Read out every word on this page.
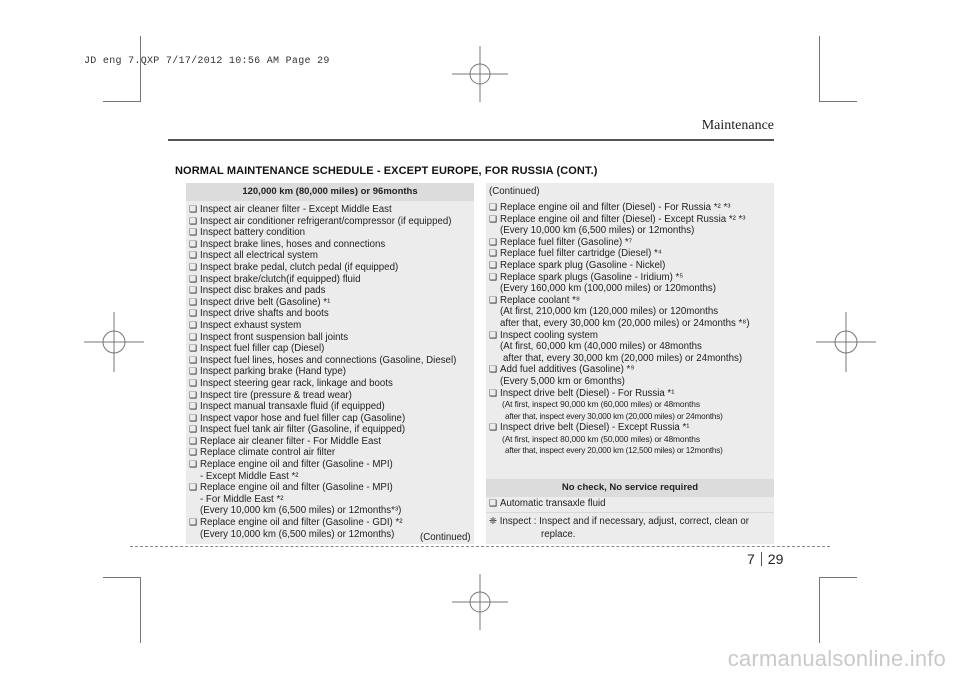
JD eng 7.QXP 7/17/2012 10:56 AM Page 29
Maintenance
NORMAL MAINTENANCE SCHEDULE - EXCEPT EUROPE, FOR RUSSIA (CONT.)
120,000 km (80,000 miles) or 96months
❑ Inspect air cleaner filter - Except Middle East
❑ Inspect air conditioner refrigerant/compressor (if equipped)
❑ Inspect battery condition
❑ Inspect brake lines, hoses and connections
❑ Inspect all electrical system
❑ Inspect brake pedal, clutch pedal (if equipped)
❑ Inspect brake/clutch(if equipped) fluid
❑ Inspect disc brakes and pads
❑ Inspect drive belt (Gasoline) *¹
❑ Inspect drive shafts and boots
❑ Inspect exhaust system
❑ Inspect front suspension ball joints
❑ Inspect fuel filler cap (Diesel)
❑ Inspect fuel lines, hoses and connections (Gasoline, Diesel)
❑ Inspect parking brake (Hand type)
❑ Inspect steering gear rack, linkage and boots
❑ Inspect tire (pressure & tread wear)
❑ Inspect manual transaxle fluid (if equipped)
❑ Inspect vapor hose and fuel filler cap (Gasoline)
❑ Inspect fuel tank air filter (Gasoline, if equipped)
❑ Replace air cleaner filter - For Middle East
❑ Replace climate control air filter
❑ Replace engine oil and filter (Gasoline - MPI)
- Except Middle East *²
❑ Replace engine oil and filter (Gasoline - MPI)
- For Middle East *²
(Every 10,000 km (6,500 miles) or 12months*³)
❑ Replace engine oil and filter (Gasoline - GDI) *²
(Every 10,000 km (6,500 miles) or 12months)	(Continued)
(Continued)
❑ Replace engine oil and filter (Diesel) - For Russia *² *³
❑ Replace engine oil and filter (Diesel) - Except Russia *² *³
(Every 10,000 km (6,500 miles) or 12months)
❑ Replace fuel filter (Gasoline) *⁷
❑ Replace fuel filter cartridge (Diesel) *⁴
❑ Replace spark plug (Gasoline - Nickel)
❑ Replace spark plugs (Gasoline - Iridium) *⁵
(Every 160,000 km (100,000 miles) or 120months)
❑ Replace coolant *⁸
(At first, 210,000 km (120,000 miles) or 120months
after that, every 30,000 km (20,000 miles) or 24months *⁸)
❑ Inspect cooling system
(At first, 60,000 km (40,000 miles) or 48months
after that, every 30,000 km (20,000 miles) or 24months)
❑ Add fuel additives (Gasoline) *⁹
(Every 5,000 km or 6months)
❑ Inspect drive belt (Diesel) - For Russia *¹
(At first, inspect 90,000 km (60,000 miles) or 48months
after that, inspect every 30,000 km (20,000 miles) or 24months)
❑ Inspect drive belt (Diesel) - Except Russia *¹
(At first, inspect 80,000 km (50,000 miles) or 48months
after that, inspect every 20,000 km (12,500 miles) or 12months)
No check, No service required
❑ Automatic transaxle fluid
❈ Inspect : Inspect and if necessary, adjust, correct, clean or
replace.
7 29
carmanualsonline.info
